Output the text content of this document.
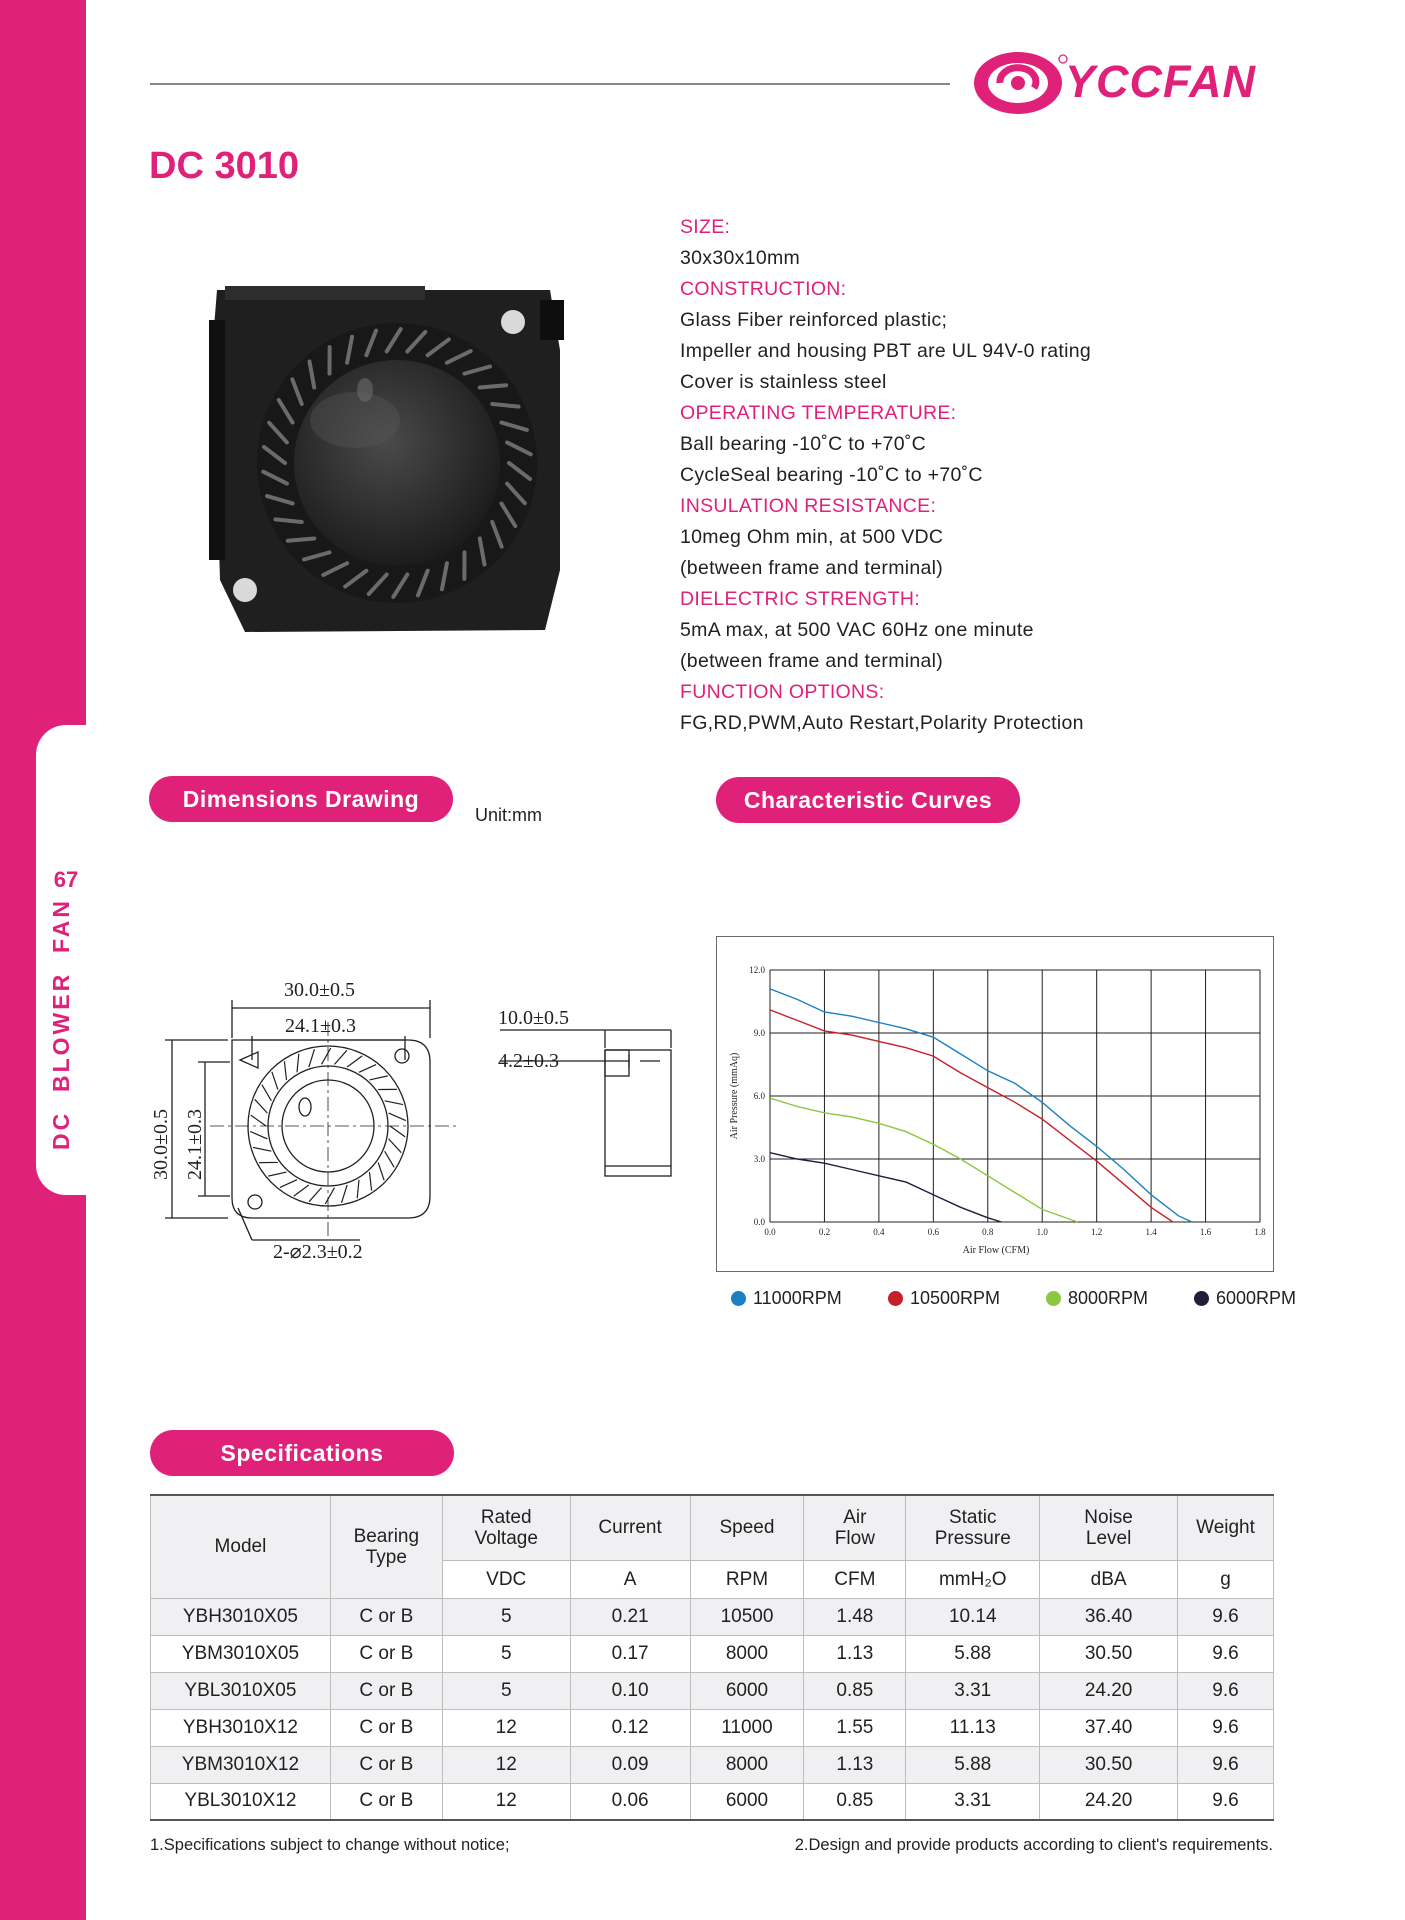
67
DC  BLOWER  FAN
YCCFAN
DC 3010
SIZE:
30x30x10mm
CONSTRUCTION:
Glass Fiber reinforced plastic;
Impeller and housing PBT are UL 94V-0 rating
Cover is stainless steel
OPERATING TEMPERATURE:
Ball bearing -10˚C to +70˚C
CycleSeal bearing -10˚C to +70˚C
INSULATION RESISTANCE:
10meg Ohm min, at 500 VDC
(between frame and terminal)
DIELECTRIC STRENGTH:
5mA max, at 500 VAC 60Hz one minute
(between frame and terminal)
FUNCTION OPTIONS:
FG,RD,PWM,Auto Restart,Polarity Protection
Dimensions Drawing
Unit:mm
Characteristic Curves
30.0±0.5
24.1±0.3
2-⌀2.3±0.2
10.0±0.5
4.2±0.3
30.0±0.5 24.1±0.3
0.0	0.2	0.4	0.6	0.8	1.0	1.2	1.4	1.6	1.8
0.0
3.0
6.0
9.0
12.0
Air Flow (CFM)
Air Pressure (mmAq)
11000RPM	10500RPM	8000RPM	6000RPM
Specifications
Model	Bearing Type	Rated Voltage	Current	Speed	Air Flow	Static Pressure	Noise Level	Weight
		VDC	A	RPM	CFM	mmH₂O	dBA	g
YBH3010X05	C or B	5	0.21	10500	1.48	10.14	36.40	9.6
YBM3010X05	C or B	5	0.17	8000	1.13	5.88	30.50	9.6
YBL3010X05	C or B	5	0.10	6000	0.85	3.31	24.20	9.6
YBH3010X12	C or B	12	0.12	11000	1.55	11.13	37.40	9.6
YBM3010X12	C or B	12	0.09	8000	1.13	5.88	30.50	9.6
YBL3010X12	C or B	12	0.06	6000	0.85	3.31	24.20	9.6
1.Specifications subject to change without notice;	2.Design and provide products according to client's requirements.
